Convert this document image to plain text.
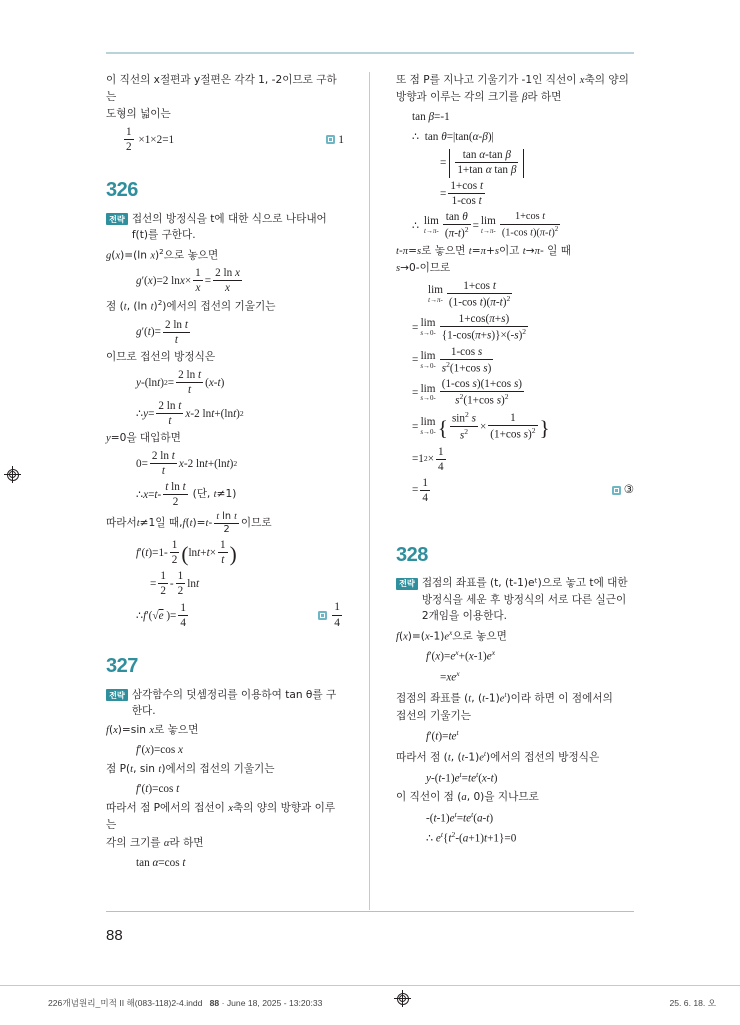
이 직선의 x절편과 y절편은 각각 1, -2이므로 구하는

도형의 넓이는

$\frac{1}{2} \times 1\times 2=1$	1
326
전략 접선의 방정식을 t에 대한 식으로 나타내어 f(t)를 구한다.

g(x)=(ln x)$^2$으로 놓으면

g ′( x )=2 $\ln x \times \frac{1}{x} = \frac{\text{2 ln x}}{x}$

점 (t, (ln t)$^2$)에서의 접선의 기울기는

g ′( t )= $\frac{\text{2 ln t}}{t}$

이므로 접선의 방정식은

y -(ln t ) $2 = \frac{\text{2 ln t}}{t}$ ( x - t )
∴ $y = \frac{\text{2 ln t}}{t}$ x -2 ln t +(ln t ) 2

y=0을 대입하면

$0= \frac{\text{2 ln t}}{t}$ x -2 ln t +(ln t ) 2
∴ $x = t - \frac{\text{t ln t}}{2}$
(단, t≠1)
따라서 t ≠1일 때, f ( t )= t - $\frac{\text{t ln t}}{2}$ 이므로
f ′( t )$=1- \frac{1}{2}$ ( $\ln t + t \times \frac{1}{t}$ )
= $\frac{1}{2} - \frac{1}{2}$ ln t
∴ f ′(√ e )= $\frac{1}{4}$	$\frac{1}{4}$
327
전략 삼각함수의 덧셈정리를 이용하여 tan θ를 구한다.

f(x)=sin x로 놓으면

f′(x)=cos x

점 P(t, sin t)에서의 접선의 기울기는

f′(t)=cos t

따라서 점 P에서의 접선이 x축의 양의 방향과 이루는

각의 크기를 α라 하면

tan α=cos t

또 점 P를 지나고 기울기가 -1인 직선이 x축의 양의

방향과 이루는 각의 크기를 β라 하면

tan β=-1
∴  tan θ=|tan(α-β)|
= $\frac{\text{tan α-tan β}}{\text{1+tan α tan β}}$
= $\frac{\text{1+cos t}}{\text{1-cos t}}$
∴ lim
$t\to\pi- \frac{\text{tan θ}}{(\pi-t)^2} = \lim$
$t\to\pi- \frac{\text{1+cos t}}{(1-\cos t)(\pi-t)^2}$

t-π=s로 놓으면 t=π+s이고 t→π- 일 때

s→0-이므로

lim
$t\to\pi- \frac{\text{1+cos t}}{(1-\cos t)(\pi-t)^2}$
= lim
$s\to 0- \frac{1+\cos(\pi+s)}{\{1-\cos(\pi+s)\}\times(-s)^2}$
= lim
$s\to 0- \frac{\text{1-cos s}}{s^2(1+\cos s)}$
= lim
$s\to 0- \frac{\text{(1-cos s)(1+cos s)}}{s^2(1+\cos s)^2}$
= lim
s→0- { $\frac{\sin^2 s}{s^2} \times \frac{1}{(1+\cos s)^2}$ }
=1 $2 \times \frac{1}{4}$
= $\frac{1}{4}$	③
328
전략 접점의 좌표를 (t, (t-1)eᵗ)으로 놓고 t에 대한 방정식을 세운 후 방정식의 서로 다른 실근이 2개임을 이용한다.

$f(x)=(x-1)e^x$으로 놓으면

$f'(x)=e^x+(x-1)e^x$
$=xe^x$

접점의 좌표를 (t, $(t-1)e^t$)이라 하면 이 점에서의

접선의 기울기는

$f'(t)=te^t$

따라서 점 (t, $(t-1)e^t$)에서의 접선의 방정식은

$y-(t-1)e^t=te^t(x-t)$

이 직선이 점 (a, 0)을 지나므로

$-(t-1)e^t=te^t(a-t)$
∴ $e^t\{t^2-(a+1)t+1\}=0$
88
226개념원리_미적 II 해(083-118)2-4.indd 88 · June 18, 2025 - 13:20:33	25. 6. 18. 오
